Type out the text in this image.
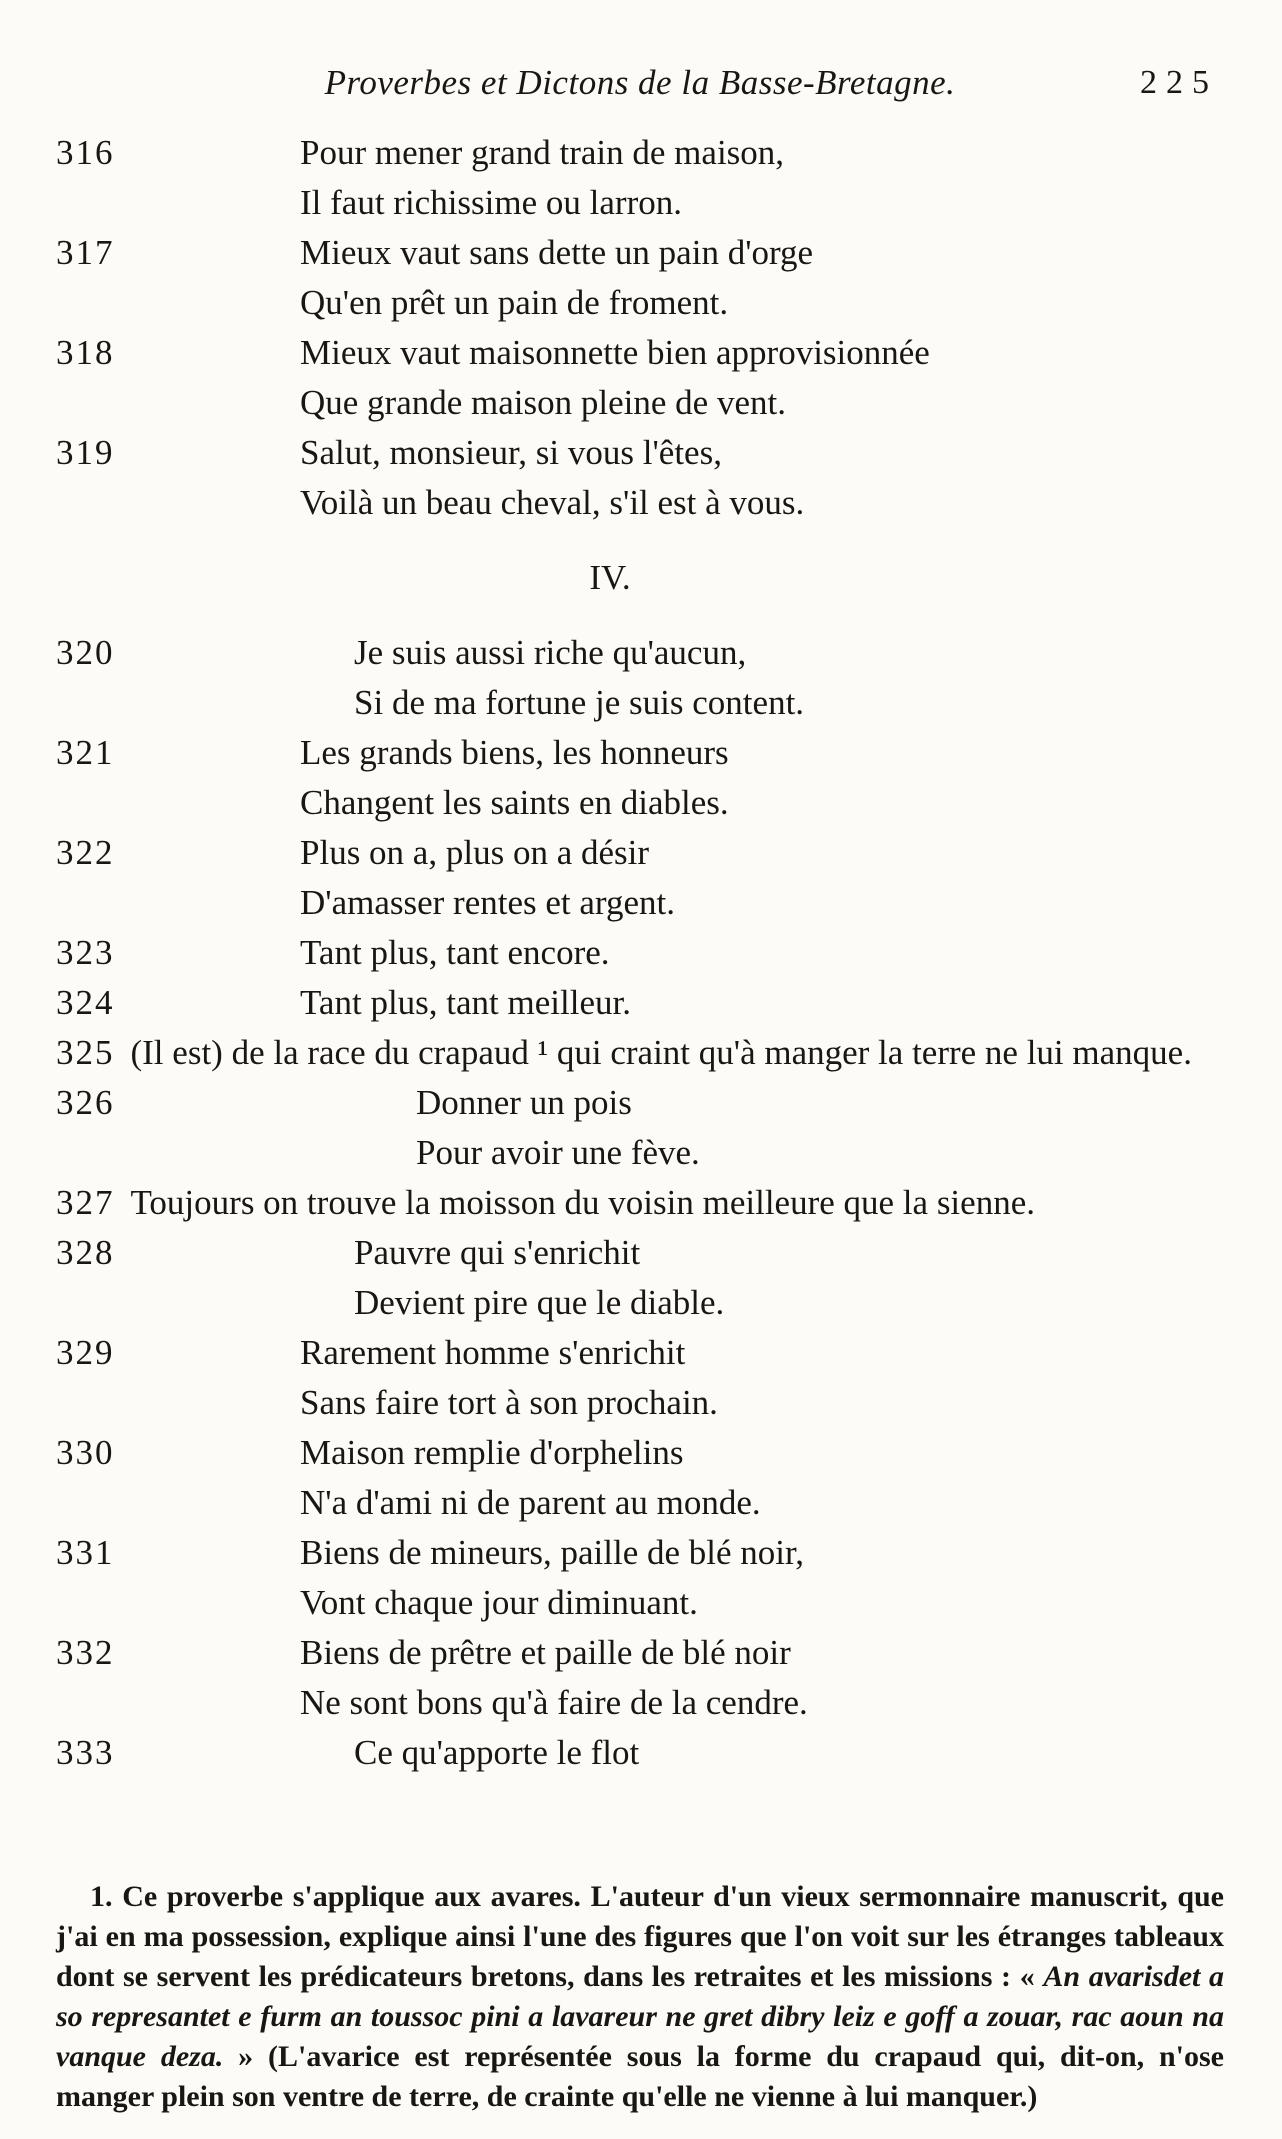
Proverbes et Dictons de la Basse-Bretagne.	225
316	Pour mener grand train de maison,
Il faut richissime ou larron.
317	Mieux vaut sans dette un pain d'orge
Qu'en prêt un pain de froment.
318	Mieux vaut maisonnette bien approvisionnée
Que grande maison pleine de vent.
319	Salut, monsieur, si vous l'êtes,
Voilà un beau cheval, s'il est à vous.
IV.
320	Je suis aussi riche qu'aucun,
Si de ma fortune je suis content.
321	Les grands biens, les honneurs
Changent les saints en diables.
322	Plus on a, plus on a désir
D'amasser rentes et argent.
323	Tant plus, tant encore.
324	Tant plus, tant meilleur.

325 (Il est) de la race du crapaud ¹ qui craint qu'à manger la terre ne lui manque.

326	Donner un pois
Pour avoir une fève.

327 Toujours on trouve la moisson du voisin meilleure que la sienne.

328	Pauvre qui s'enrichit
Devient pire que le diable.
329	Rarement homme s'enrichit
Sans faire tort à son prochain.
330	Maison remplie d'orphelins
N'a d'ami ni de parent au monde.
331	Biens de mineurs, paille de blé noir,
Vont chaque jour diminuant.
332	Biens de prêtre et paille de blé noir
Ne sont bons qu'à faire de la cendre.
333	Ce qu'apporte le flot

1. Ce proverbe s'applique aux avares. L'auteur d'un vieux sermonnaire manuscrit, que j'ai en ma possession, explique ainsi l'une des figures que l'on voit sur les étranges tableaux dont se servent les prédicateurs bretons, dans les retraites et les missions : « An avarisdet a so represantet e furm an toussoc pini a lavareur ne gret dibry leiz e goff a zouar, rac aoun na vanque deza. » (L'avarice est représentée sous la forme du crapaud qui, dit-on, n'ose manger plein son ventre de terre, de crainte qu'elle ne vienne à lui manquer.)
